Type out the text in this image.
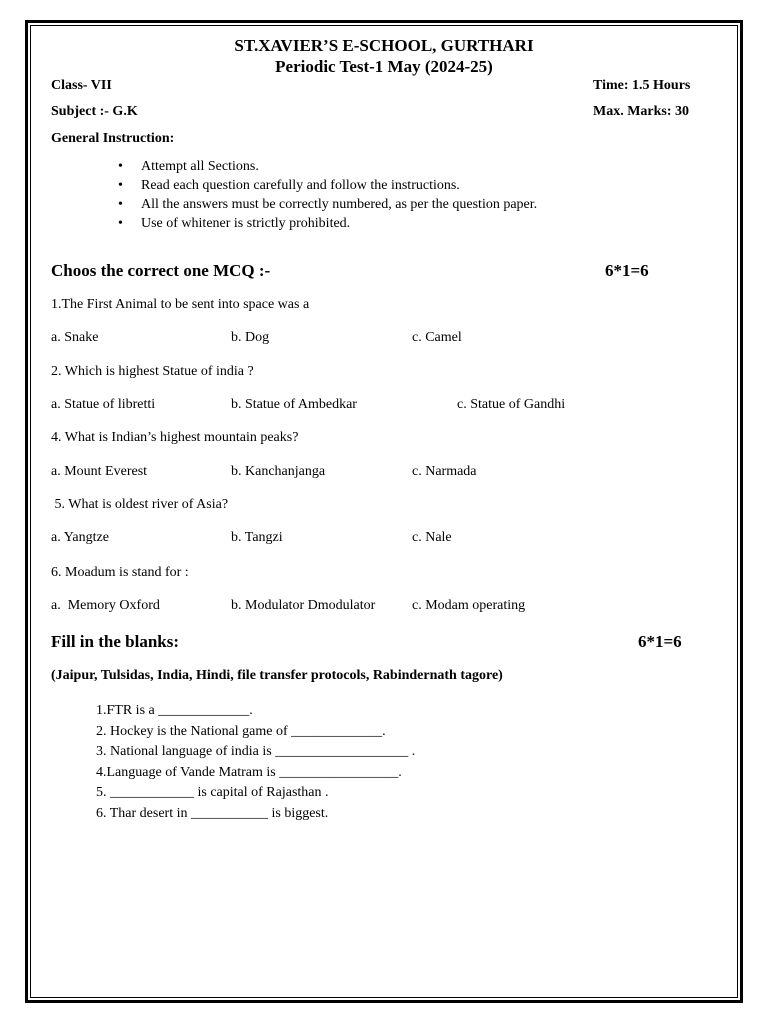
ST.XAVIER’S E-SCHOOL, GURTHARI
Periodic Test-1 May (2024-25)
Class- VII	Time: 1.5 Hours
Subject :- G.K	Max. Marks: 30
General Instruction:
• Attempt all Sections.
• Read each question carefully and follow the instructions.
• All the answers must be correctly numbered, as per the question paper.
• Use of whitener is strictly prohibited.
Choos the correct one MCQ :-	6*1=6
1.The First Animal to be sent into space was a
a. Snake	b. Dog	c. Camel
2. Which is highest Statue of india ?
a. Statue of libretti	b. Statue of Ambedkar	c. Statue of Gandhi
4. What is Indian’s highest mountain peaks?
a. Mount Everest	b. Kanchanjanga	c. Narmada
5. What is oldest river of Asia?
a. Yangtze	b. Tangzi	c. Nale
6. Moadum is stand for :
a.  Memory Oxford	b. Modulator Dmodulator	c. Modam operating
Fill in the blanks:	6*1=6
(Jaipur, Tulsidas, India, Hindi, file transfer protocols, Rabindernath tagore)
1.FTR is a _____________.
2. Hockey is the National game of _____________.
3. National language of india is ___________________ .
4.Language of Vande Matram is _________________.
5. ____________ is capital of Rajasthan .
6. Thar desert in ___________ is biggest.
